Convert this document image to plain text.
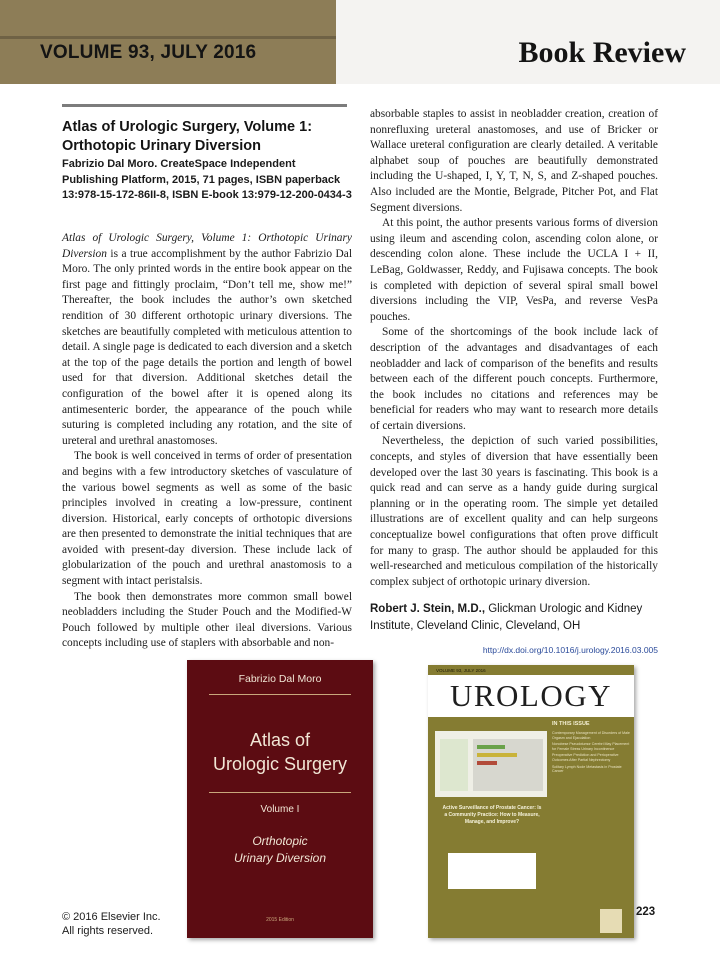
VOLUME 93, JULY 2016	Book Review
Atlas of Urologic Surgery, Volume 1:
Orthotopic Urinary Diversion
Fabrizio Dal Moro. CreateSpace Independent Publishing Platform, 2015, 71 pages, ISBN paperback 13:978-15-172-86II-8, ISBN E-book 13:979-12-200-0434-3

Atlas of Urologic Surgery, Volume 1: Orthotopic Urinary Diversion is a true accomplishment by the author Fabrizio Dal Moro. The only printed words in the entire book appear on the first page and fittingly proclaim, “Don’t tell me, show me!” Thereafter, the book includes the author’s own sketched rendition of 30 different orthotopic urinary diversions. The sketches are beautifully completed with meticulous attention to detail. A single page is dedicated to each diversion and a sketch at the top of the page details the portion and length of bowel used for that diversion. Additional sketches detail the configuration of the bowel after it is opened along its antimesenteric border, the appearance of the pouch while suturing is completed including any rotation, and the site of ureteral and urethral anastomoses.

The book is well conceived in terms of order of presentation and begins with a few introductory sketches of vasculature of the various bowel segments as well as some of the basic principles involved in creating a low-pressure, continent diversion. Historical, early concepts of orthotopic diversions are then presented to demonstrate the initial techniques that are avoided with present-day diversion. These include lack of globularization of the pouch and urethral anastomosis to a segment with intact peristalsis.

The book then demonstrates more common small bowel neobladders including the Studer Pouch and the Modified-W Pouch followed by multiple other ileal diversions. Various concepts including use of staplers with absorbable and non-

absorbable staples to assist in neobladder creation, creation of nonrefluxing ureteral anastomoses, and use of Bricker or Wallace ureteral configuration are clearly detailed. A veritable alphabet soup of pouches are beautifully demonstrated including the U-shaped, I, Y, T, N, S, and Z-shaped pouches. Also included are the Montie, Belgrade, Pitcher Pot, and Flat Segment diversions.

At this point, the author presents various forms of diversion using ileum and ascending colon, ascending colon alone, or descending colon alone. These include the UCLA I + II, LeBag, Goldwasser, Reddy, and Fujisawa concepts. The book is completed with depiction of several spiral small bowel diversions including the VIP, VesPa, and reverse VesPa pouches.

Some of the shortcomings of the book include lack of description of the advantages and disadvantages of each neobladder and lack of comparison of the benefits and results between each of the different pouch concepts. Furthermore, the book includes no citations and references may be beneficial for readers who may want to research more details of certain diversions.

Nevertheless, the depiction of such varied possibilities, concepts, and styles of diversion that have essentially been developed over the last 30 years is fascinating. This book is a quick read and can serve as a handy guide during surgical planning or in the operating room. The simple yet detailed illustrations are of excellent quality and can help surgeons conceptualize bowel configurations that often prove difficult for many to grasp. The author should be applauded for this well-researched and meticulous compilation of the historically complex subject of orthotopic urinary diversion.

Robert J. Stein, M.D., Glickman Urologic and Kidney Institute, Cleveland Clinic, Cleveland, OH
http://dx.doi.org/10.1016/j.urology.2016.03.005
Fabrizio Dal Moro
Atlas of
Urologic Surgery
Volume I
Orthotopic
Urinary Diversion
2015 Edition
VOLUME 93, JULY 2016
UROLOGY
IN THIS ISSUE
Active Surveillance of Prostate Cancer: Is a Community Practice: How to Measure, Manage, and Improve?
Contemporary Management of Disorders of Male Orgasm and Ejaculation
Nonobese Pseudotumor Cerebri May Placement for Female Stress Urinary Incontinence
Preoperative Prediction and Perioperative Outcomes After Partial Nephrectomy
Solitary Lymph Node Metastasis in Prostate Cancer
© 2016 Elsevier Inc.
All rights reserved.
223
